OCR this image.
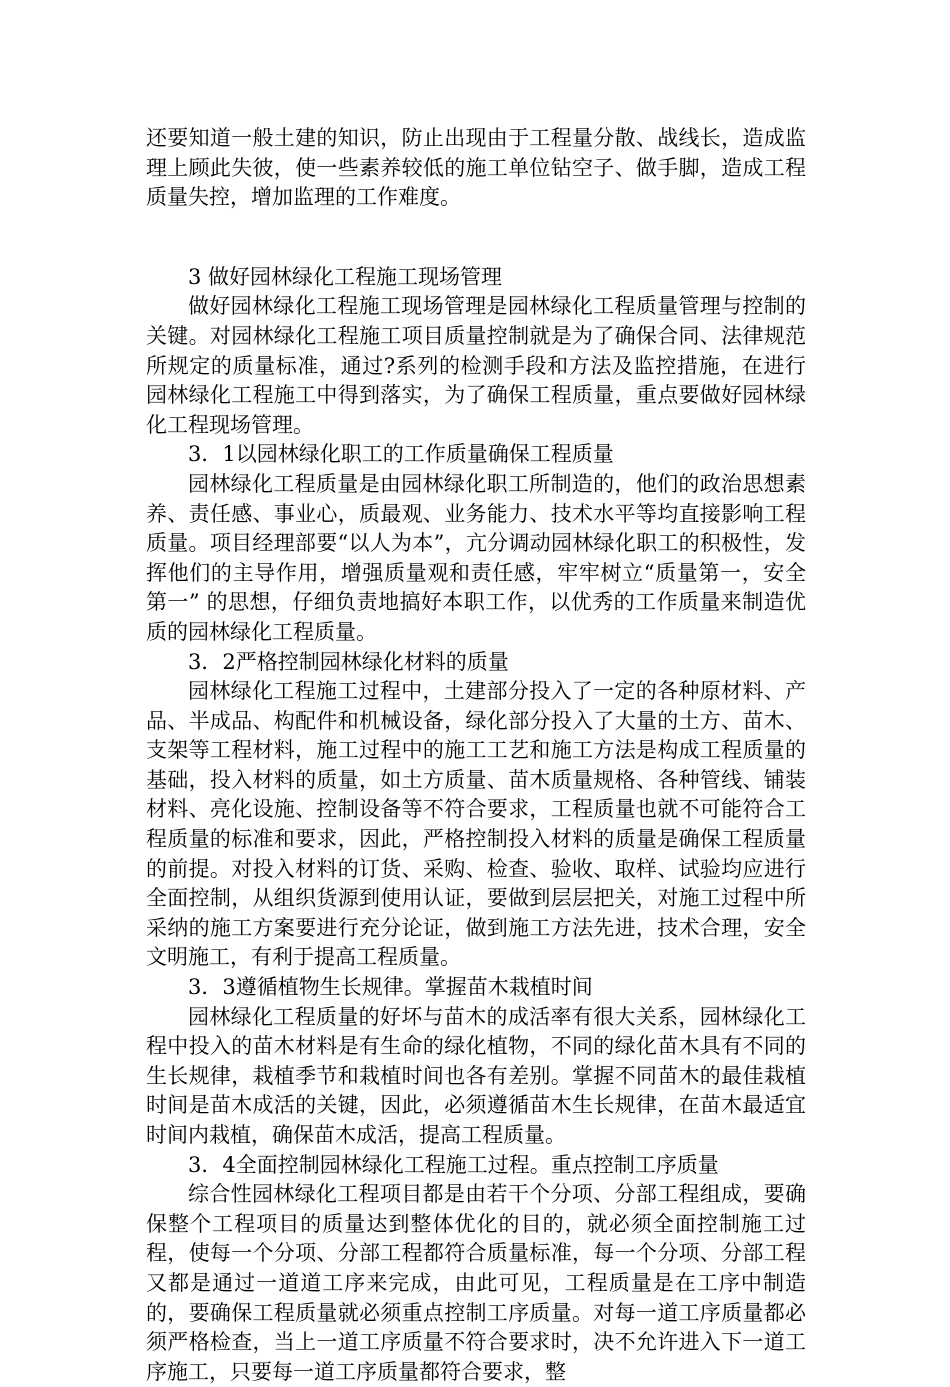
还要知道一般土建的知识，防止出现由于工程量分散、战线长，造成监理上顾此失彼，使一些素养较低的施工单位钻空子、做手脚，造成工程质量失控，增加监理的工作难度。

3 做好园林绿化工程施工现场管理

做好园林绿化工程施工现场管理是园林绿化工程质量管理与控制的关键。对园林绿化工程施工项目质量控制就是为了确保合同、法律规范所规定的质量标准，通过?系列的检测手段和方法及监控措施，在进行园林绿化工程施工中得到落实，为了确保工程质量，重点要做好园林绿化工程现场管理。

3．1以园林绿化职工的工作质量确保工程质量

园林绿化工程质量是由园林绿化职工所制造的，他们的政治思想素养、责任感、事业心，质最观、业务能力、技术水平等均直接影响工程质量。项目经理部要“以人为本”，亢分调动园林绿化职工的积极性，发挥他们的主导作用，增强质量观和责任感，牢牢树立“质量第一，安全第一” 的思想，仔细负责地搞好本职工作，以优秀的工作质量来制造优质的园林绿化工程质量。

3．2严格控制园林绿化材料的质量

园林绿化工程施工过程中，土建部分投入了一定的各种原材料、产品、半成品、构配件和机械设备，绿化部分投入了大量的土方、苗木、支架等工程材料，施工过程中的施工工艺和施工方法是构成工程质量的基础，投入材料的质量，如土方质量、苗木质量规格、各种管线、铺装材料、亮化设施、控制设备等不符合要求，工程质量也就不可能符合工程质量的标准和要求，因此，严格控制投入材料的质量是确保工程质量的前提。对投入材料的订货、采购、检查、验收、取样、试验均应进行全面控制，从组织货源到使用认证，要做到层层把关，对施工过程中所采纳的施工方案要进行充分论证，做到施工方法先进，技术合理，安全文明施工，有利于提高工程质量。

3．3遵循植物生长规律。掌握苗木栽植时间

园林绿化工程质量的好坏与苗木的成活率有很大关系，园林绿化工程中投入的苗木材料是有生命的绿化植物，不同的绿化苗木具有不同的生长规律，栽植季节和栽植时间也各有差别。掌握不同苗木的最佳栽植时间是苗木成活的关键，因此，必须遵循苗木生长规律，在苗木最适宜时间内栽植，确保苗木成活，提高工程质量。

3．4全面控制园林绿化工程施工过程。重点控制工序质量

综合性园林绿化工程项目都是由若干个分项、分部工程组成，要确保整个工程项目的质量达到整体优化的目的，就必须全面控制施工过程，使每一个分项、分部工程都符合质量标准，每一个分项、分部工程又都是通过一道道工序来完成，由此可见，工程质量是在工序中制造的，要确保工程质量就必须重点控制工序质量。对每一道工序质量都必须严格检查，当上一道工序质量不符合要求时，决不允许进入下一道工序施工，只要每一道工序质量都符合要求，整
